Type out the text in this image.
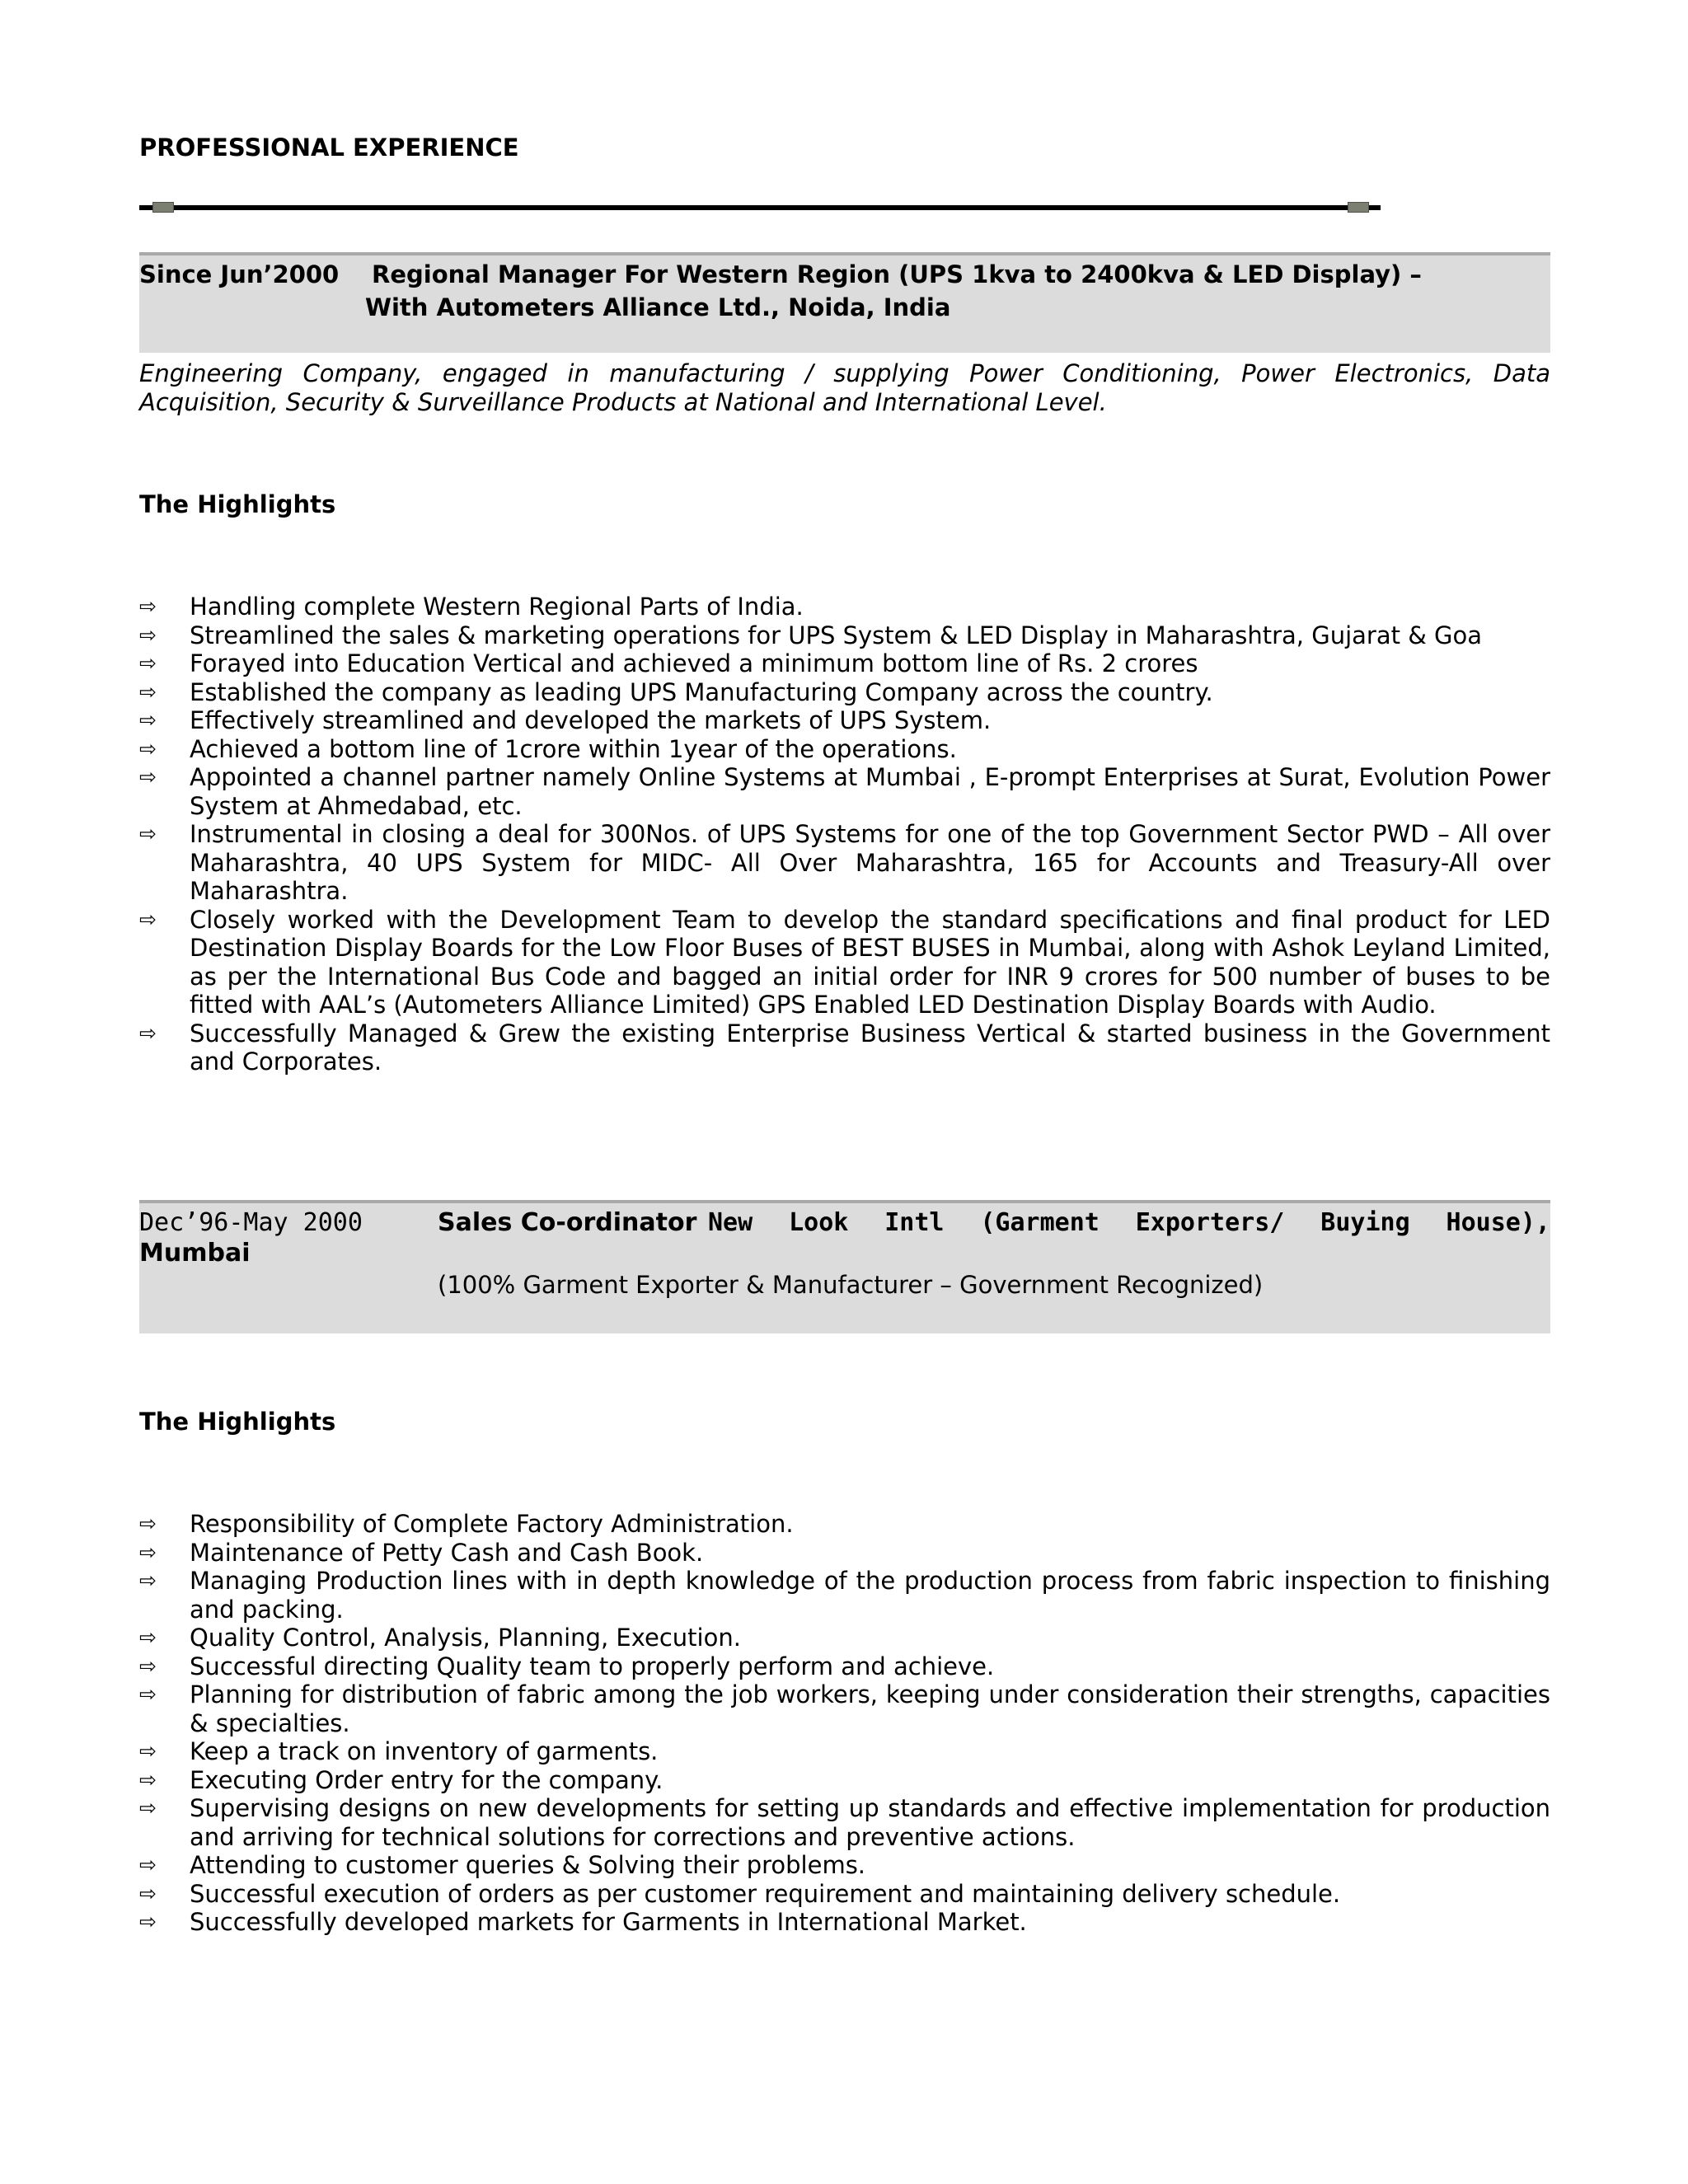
PROFESSIONAL EXPERIENCE
Since Jun’2000 Regional Manager For Western Region (UPS 1kva to 2400kva & LED Display) –
With Autometers Alliance Ltd., Noida, India
Engineering Company, engaged in manufacturing / supplying Power Conditioning, Power Electronics, Data Acquisition, Security & Surveillance Products at National and International Level.
The Highlights
⇨ Handling complete Western Regional Parts of India.
⇨ Streamlined the sales & marketing operations for UPS System & LED Display in Maharashtra, Gujarat & Goa
⇨ Forayed into Education Vertical and achieved a minimum bottom line of Rs. 2 crores
⇨ Established the company as leading UPS Manufacturing Company across the country.
⇨ Effectively streamlined and developed the markets of UPS System.
⇨ Achieved a bottom line of 1crore within 1year of the operations.
⇨ Appointed a channel partner namely Online Systems at Mumbai , E-prompt Enterprises at Surat, Evolution Power System at Ahmedabad, etc.
⇨ Instrumental in closing a deal for 300Nos. of UPS Systems for one of the top Government Sector PWD – All over Maharashtra, 40 UPS System for MIDC- All Over Maharashtra, 165 for Accounts and Treasury-All over Maharashtra.
⇨ Closely worked with the Development Team to develop the standard specifications and final product for LED Destination Display Boards for the Low Floor Buses of BEST BUSES in Mumbai, along with Ashok Leyland Limited, as per the International Bus Code and bagged an initial order for INR 9 crores for 500 number of buses to be fitted with AAL’s (Autometers Alliance Limited) GPS Enabled LED Destination Display Boards with Audio.
⇨ Successfully Managed & Grew the existing Enterprise Business Vertical & started business in the Government and Corporates.
Dec’96-May 2000	Sales Co-ordinator New Look Intl (Garment Exporters/ Buying House),
Mumbai
(100% Garment Exporter & Manufacturer – Government Recognized)
The Highlights
⇨ Responsibility of Complete Factory Administration.
⇨ Maintenance of Petty Cash and Cash Book.
⇨ Managing Production lines with in depth knowledge of the production process from fabric inspection to finishing and packing.
⇨ Quality Control, Analysis, Planning, Execution.
⇨ Successful directing Quality team to properly perform and achieve.
⇨ Planning for distribution of fabric among the job workers, keeping under consideration their strengths, capacities & specialties.
⇨ Keep a track on inventory of garments.
⇨ Executing Order entry for the company.
⇨ Supervising designs on new developments for setting up standards and effective implementation for production and arriving for technical solutions for corrections and preventive actions.
⇨ Attending to customer queries & Solving their problems.
⇨ Successful execution of orders as per customer requirement and maintaining delivery schedule.
⇨ Successfully developed markets for Garments in International Market.
